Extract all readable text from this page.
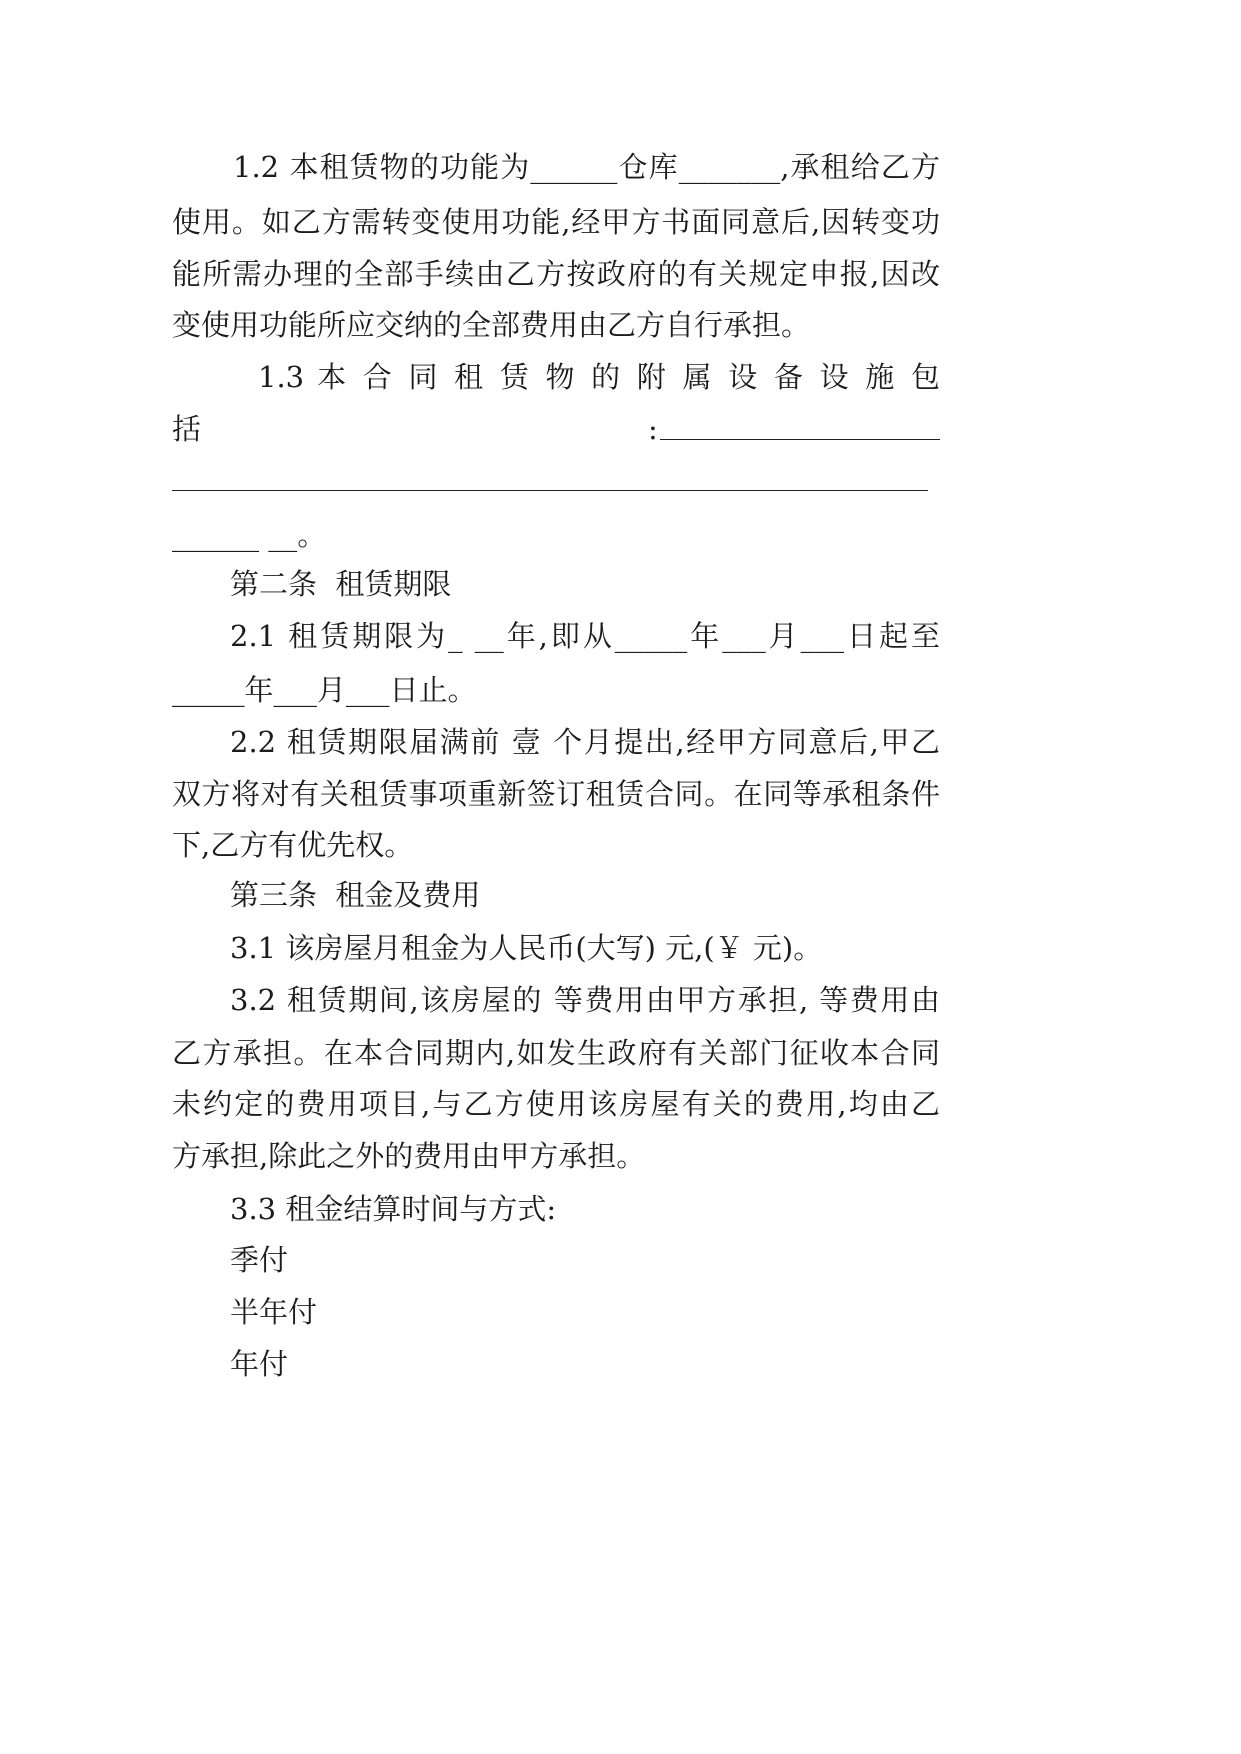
1.2 本租赁物的功能为______仓库_______,承租给乙方
使用。如乙方需转变使用功能,经甲方书面同意后,因转变功
能所需办理的全部手续由乙方按政府的有关规定申报,因改
变使用功能所应交纳的全部费用由乙方自行承担。
1.3 本 合 同 租 赁 物 的 附 属 设 备 设 施 包
括	:
______ __。
第二条  租赁期限
2.1 租赁期限为_ __年,即从_____年___月___日起至
_____年___月___日止。
2.2 租赁期限届满前 壹 个月提出,经甲方同意后,甲乙
双方将对有关租赁事项重新签订租赁合同。在同等承租条件
下,乙方有优先权。
第三条  租金及费用
3.1 该房屋月租金为人民币(大写) 元,(￥ 元)。
3.2 租赁期间,该房屋的 等费用由甲方承担, 等费用由
乙方承担。在本合同期内,如发生政府有关部门征收本合同
未约定的费用项目,与乙方使用该房屋有关的费用,均由乙
方承担,除此之外的费用由甲方承担。
3.3 租金结算时间与方式:
季付
半年付
年付
